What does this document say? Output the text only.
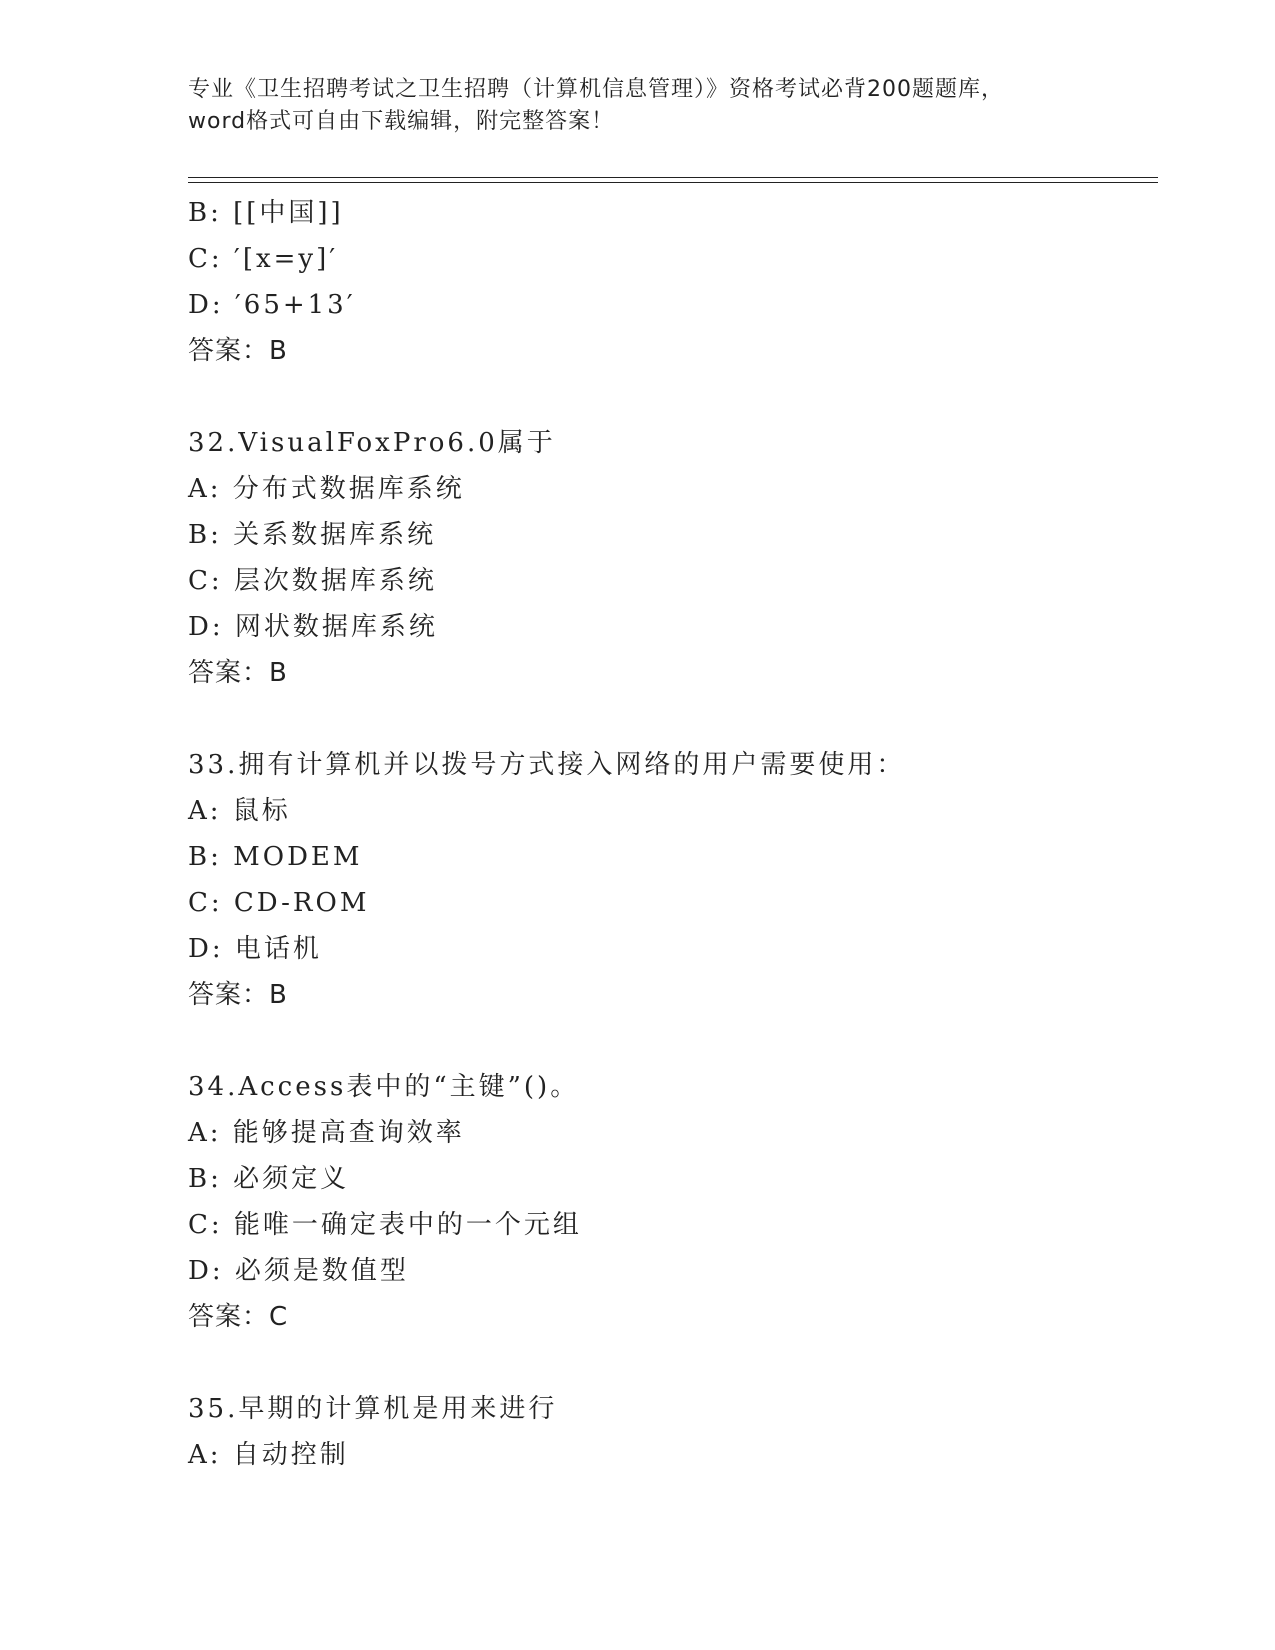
专业《卫生招聘考试之卫生招聘（计算机信息管理）》资格考试必背200题题库，
word格式可自由下载编辑，附完整答案！
B: [[中国]]
C: ′[x=y]′
D: ′65+13′
答案：B
32.VisualFoxPro6.0属于
A: 分布式数据库系统
B: 关系数据库系统
C: 层次数据库系统
D: 网状数据库系统
答案：B
33.拥有计算机并以拨号方式接入网络的用户需要使用：
A: 鼠标
B: MODEM
C: CD-ROM
D: 电话机
答案：B
34.Access表中的“主键”()。
A: 能够提高查询效率
B: 必须定义
C: 能唯一确定表中的一个元组
D: 必须是数值型
答案：C
35.早期的计算机是用来进行
A: 自动控制
